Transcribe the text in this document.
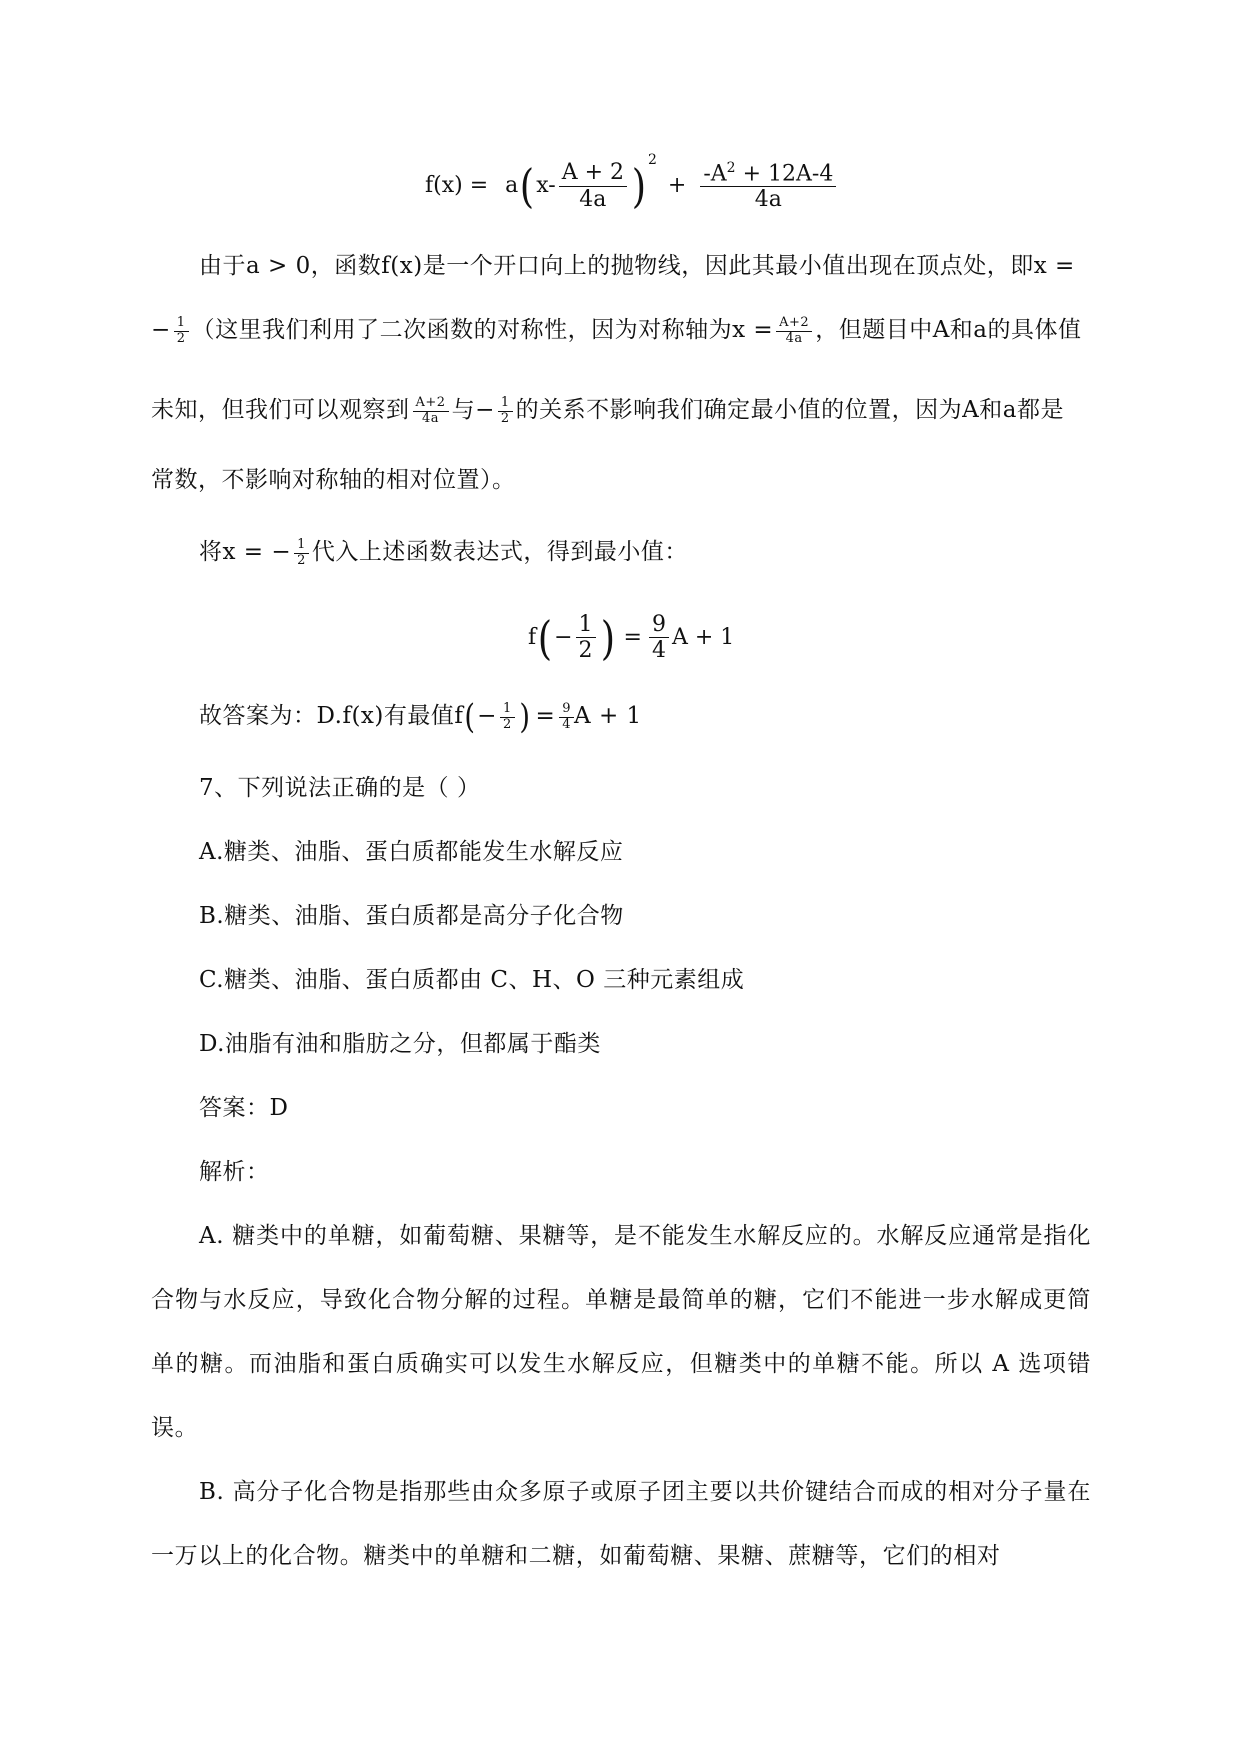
$f(x) = a(x- \frac{A + 2}{4a}$ ) $^2 + \frac{-A^2 + 12A-4}{4a}$
由于a > 0，函数f(x)是一个开口向上的抛物线，因此其最小值出现在顶点处，即x =
− $\frac{1}{2}$ （这里我们利用了二次函数的对称性，因为对称轴为$x = \frac{A+2}{4a}$ ，但题目中A和a的具体值
未知，但我们可以观察到 $\frac{A+2}{4a}$ 与− $\frac{1}{2}$ 的关系不影响我们确定最小值的位置，因为A和a都是
常数，不影响对称轴的相对位置）。
将x = − $\frac{1}{2}$ 代入上述函数表达式，得到最小值：
$f(- \frac{1}{2}$ ) = $\frac{9}{4}$ A + 1
故答案为：D.f(x)有最值$f(- \frac{1}{2}$ ) = $\frac{9}{4}$ A + 1
7、下列说法正确的是（ ）
A.糖类、油脂、蛋白质都能发生水解反应
B.糖类、油脂、蛋白质都是高分子化合物
C.糖类、油脂、蛋白质都由 C、H、O 三种元素组成
D.油脂有油和脂肪之分，但都属于酯类
答案：D
解析：
A. 糖类中的单糖，如葡萄糖、果糖等，是不能发生水解反应的。水解反应通常是指化合物与水反应，导致化合物分解的过程。单糖是最简单的糖，它们不能进一步水解成更简单的糖。而油脂和蛋白质确实可以发生水解反应，但糖类中的单糖不能。所以 A 选项错误。
B. 高分子化合物是指那些由众多原子或原子团主要以共价键结合而成的相对分子量在一万以上的化合物。糖类中的单糖和二糖，如葡萄糖、果糖、蔗糖等，它们的相对
